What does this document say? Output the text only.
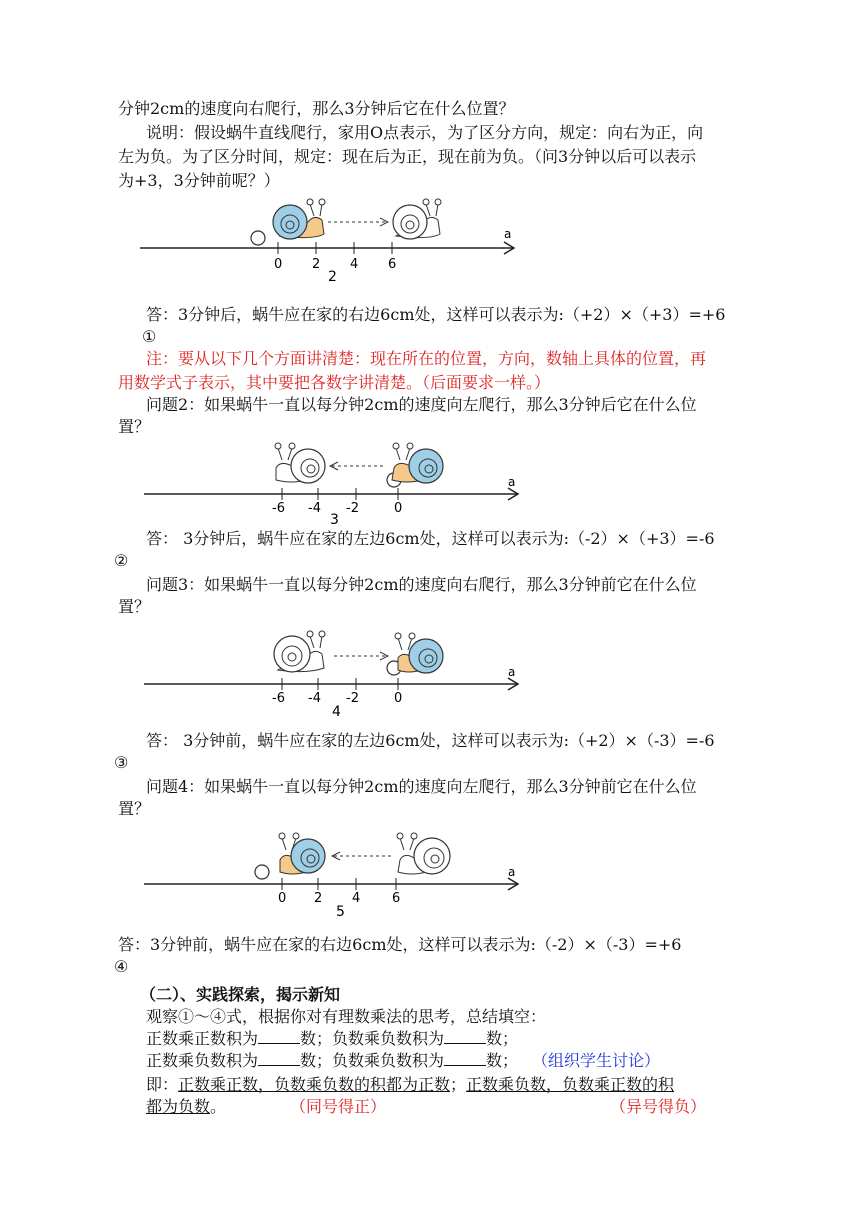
分钟2cm的速度向右爬行，那么3分钟后它在什么位置？
说明：假设蜗牛直线爬行，家用O点表示，为了区分方向，规定：向右为正，向
左为负。为了区分时间，规定：现在后为正，现在前为负。（问3分钟以后可以表示
为+3，3分钟前呢？）
a
0 2 4 6
2
答：3分钟后，蜗牛应在家的右边6cm处，这样可以表示为:（+2）×（+3）=+6
①
注：要从以下几个方面讲清楚：现在所在的位置，方向，数轴上具体的位置，再
用数学式子表示，其中要把各数字讲清楚。（后面要求一样。）
问题2：如果蜗牛一直以每分钟2cm的速度向左爬行，那么3分钟后它在什么位
置？
a
-6 -4 -2	0
3
答： 3分钟后，蜗牛应在家的左边6cm处，这样可以表示为:（-2）×（+3）=-6
②
问题3：如果蜗牛一直以每分钟2cm的速度向右爬行，那么3分钟前它在什么位
置？
a
-6 -4 -2	0
4
答： 3分钟前，蜗牛应在家的左边6cm处，这样可以表示为:（+2）×（-3）=-6
③
问题4：如果蜗牛一直以每分钟2cm的速度向左爬行，那么3分钟前它在什么位
置？
a
0 2 4 6
5
答：3分钟前，蜗牛应在家的右边6cm处，这样可以表示为:（-2）×（-3）=+6
④
（二）、实践探索，揭示新知
观察①～④式，根据你对有理数乘法的思考，总结填空：
正数乘正数积为	数；负数乘负数积为	数；
正数乘负数积为	数；负数乘负数积为	数； （组织学生讨论）
即：正数乘正数，负数乘负数的积都为正数；正数乘负数，负数乘正数的积
都为负数。	（同号得正）	（异号得负）
